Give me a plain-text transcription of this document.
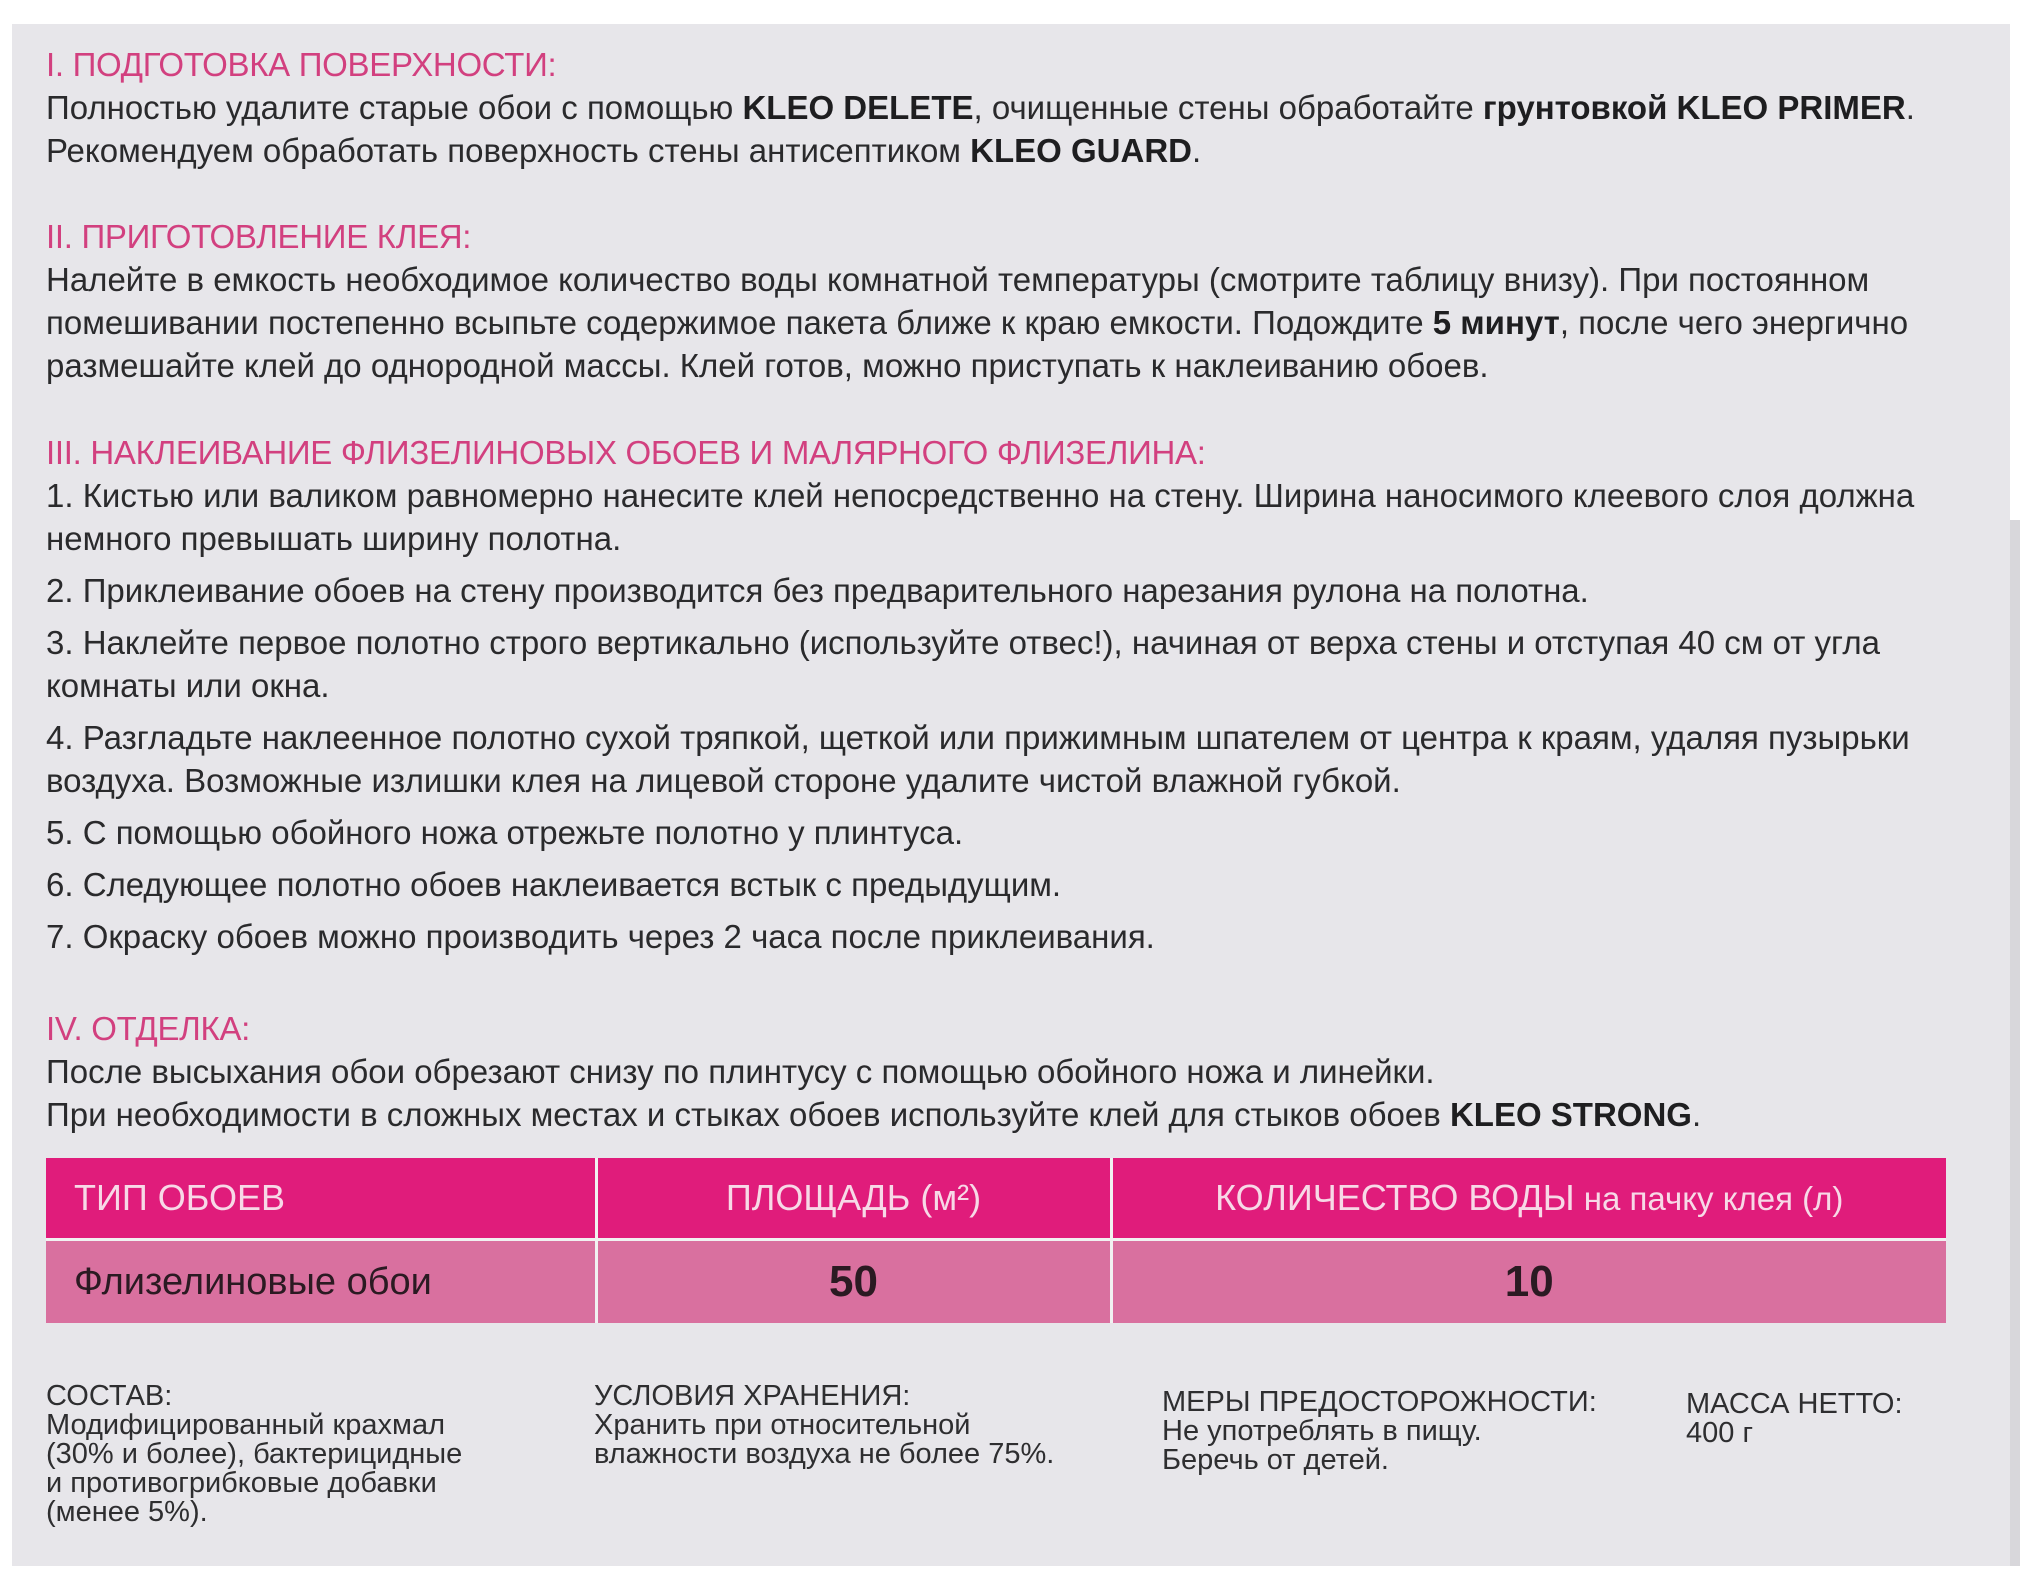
I. ПОДГОТОВКА ПОВЕРХНОСТИ:

Полностью удалите старые обои с помощью KLEO DELETE, очищенные стены обработайте грунтовкой KLEO PRIMER. Рекомендуем обработать поверхность стены антисептиком KLEO GUARD.

II. ПРИГОТОВЛЕНИЕ КЛЕЯ:

Налейте в емкость необходимое количество воды комнатной температуры (смотрите таблицу внизу). При постоянном помешивании постепенно всыпьте содержимое пакета ближе к краю емкости. Подождите 5 минут, после чего энергично размешайте клей до однородной массы. Клей готов, можно приступать к наклеиванию обоев.

III. НАКЛЕИВАНИЕ ФЛИЗЕЛИНОВЫХ ОБОЕВ И МАЛЯРНОГО ФЛИЗЕЛИНА:

1. Кистью или валиком равномерно нанесите клей непосредственно на стену. Ширина наносимого клеевого слоя должна немного превышать ширину полотна.

2. Приклеивание обоев на стену производится без предварительного нарезания рулона на полотна.

3. Наклейте первое полотно строго вертикально (используйте отвес!), начиная от верха стены и отступая 40 см от угла комнаты или окна.

4. Разгладьте наклеенное полотно сухой тряпкой, щеткой или прижимным шпателем от центра к краям, удаляя пузырьки воздуха. Возможные излишки клея на лицевой стороне удалите чистой влажной губкой.

5. С помощью обойного ножа отрежьте полотно у плинтуса.

6. Следующее полотно обоев наклеивается встык с предыдущим.

7. Окраску обоев можно производить через 2 часа после приклеивания.

IV. ОТДЕЛКА:

После высыхания обои обрезают снизу по плинтусу с помощью обойного ножа и линейки.

При необходимости в сложных местах и стыках обоев используйте клей для стыков обоев KLEO STRONG.

ТИП ОБОЕВ	ПЛОЩАДЬ (м²)	КОЛИЧЕСТВО ВОДЫ на пачку клея (л)
Флизелиновые обои	50	10
СОСТАВ:
Модифицированный крахмал
(30% и более), бактерицидные
и противогрибковые добавки
(менее 5%).
УСЛОВИЯ ХРАНЕНИЯ:
Хранить при относительной
влажности воздуха не более 75%.
МЕРЫ ПРЕДОСТОРОЖНОСТИ:
Не употреблять в пищу.
Беречь от детей.
МАССА НЕТТО:
400 г
